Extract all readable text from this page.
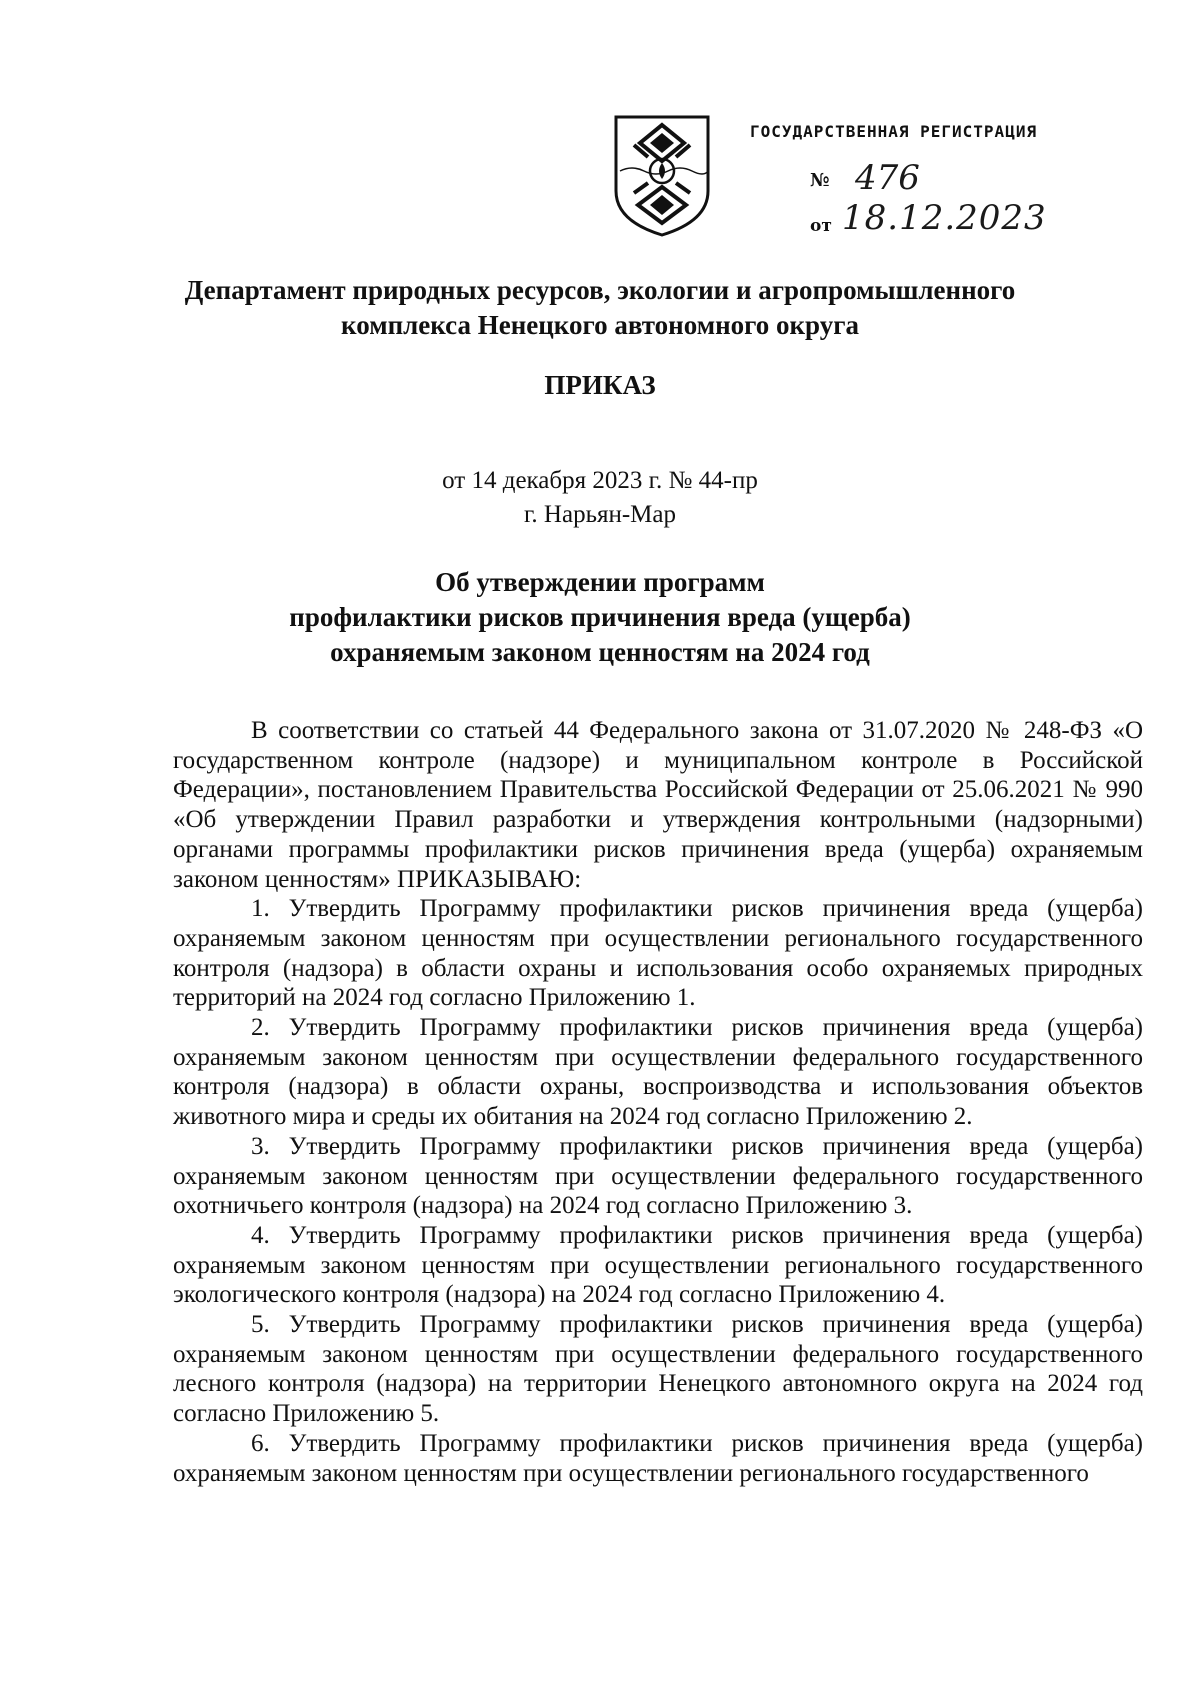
ГОСУДАРСТВЕННАЯ РЕГИСТРАЦИЯ
№ 476
от 18.12.2023
Департамент природных ресурсов, экологии и агропромышленного
комплекса Ненецкого автономного округа
ПРИКАЗ
от 14 декабря 2023 г. № 44-пр
г. Нарьян-Мар
Об утверждении программ
профилактики рисков причинения вреда (ущерба)
охраняемым законом ценностям на 2024 год

В соответствии со статьей 44 Федерального закона от 31.07.2020 № 248-ФЗ «О государственном контроле (надзоре) и муниципальном контроле в Российской Федерации», постановлением Правительства Российской Федерации от 25.06.2021 № 990 «Об утверждении Правил разработки и утверждения контрольными (надзорными) органами программы профилактики рисков причинения вреда (ущерба) охраняемым законом ценностям» ПРИКАЗЫВАЮ:

1. Утвердить Программу профилактики рисков причинения вреда (ущерба) охраняемым законом ценностям при осуществлении регионального государственного контроля (надзора) в области охраны и использования особо охраняемых природных территорий на 2024 год согласно Приложению 1.

2. Утвердить Программу профилактики рисков причинения вреда (ущерба) охраняемым законом ценностям при осуществлении федерального государственного контроля (надзора) в области охраны, воспроизводства и использования объектов животного мира и среды их обитания на 2024 год согласно Приложению 2.

3. Утвердить Программу профилактики рисков причинения вреда (ущерба) охраняемым законом ценностям при осуществлении федерального государственного охотничьего контроля (надзора) на 2024 год согласно Приложению 3.

4. Утвердить Программу профилактики рисков причинения вреда (ущерба) охраняемым законом ценностям при осуществлении регионального государственного экологического контроля (надзора) на 2024 год согласно Приложению 4.

5. Утвердить Программу профилактики рисков причинения вреда (ущерба) охраняемым законом ценностям при осуществлении федерального государственного лесного контроля (надзора) на территории Ненецкого автономного округа на 2024 год согласно Приложению 5.

6. Утвердить Программу профилактики рисков причинения вреда (ущерба) охраняемым законом ценностям при осуществлении регионального государственного
